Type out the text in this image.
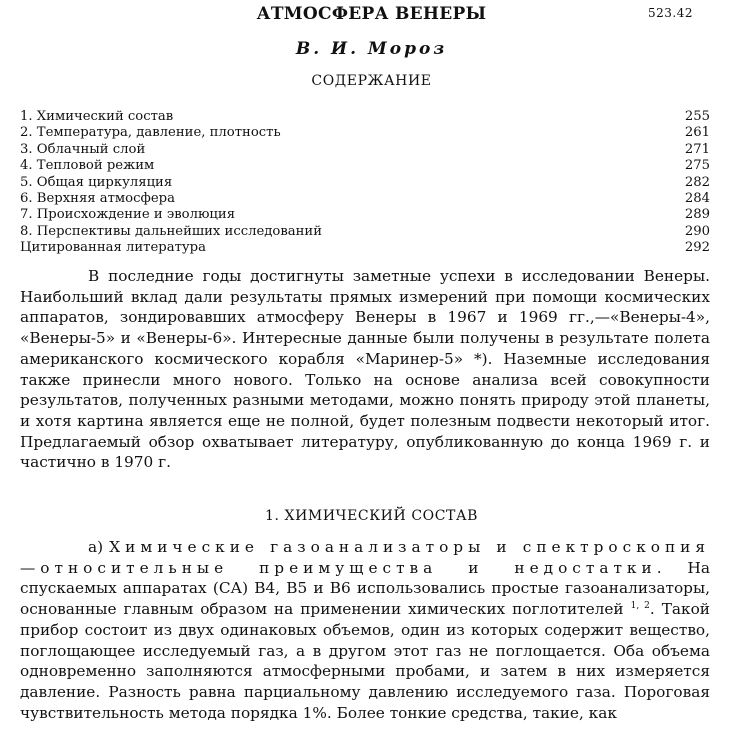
523.42
АТМОСФЕРА ВЕНЕРЫ
В. И. Мороз
СОДЕРЖАНИЕ
1. Химический состав	255
2. Температура, давление, плотность	261
3. Облачный слой	271
4. Тепловой режим	275
5. Общая циркуляция	282
6. Верхняя атмосфера	284
7. Происхождение и эволюция	289
8. Перспективы дальнейших исследований	290
Цитированная литература	292

В последние годы достигнуты заметные успехи в исследовании Венеры. Наибольший вклад дали результаты прямых измерений при помощи космических аппаратов, зондировавших атмосферу Венеры в 1967 и 1969 гг.,—«Венеры-4», «Венеры-5» и «Венеры-6». Интересные данные были получены в результате полета американского космического корабля «Маринер-5» *). Наземные исследования также принесли много нового. Только на основе анализа всей совокупности результатов, полученных разными методами, можно понять природу этой планеты, и хотя картина является еще не полной, будет полезным подвести некоторый итог. Предлагаемый обзор охватывает литературу, опубликованную до конца 1969 г. и частично в 1970 г.

1. ХИМИЧЕСКИЙ СОСТАВ

а) Химические газоанализаторы и спектроскопия—относительные преимущества и недостатки. На спускаемых аппаратах (СА) В4, В5 и В6 использовались простые газоанализаторы, основанные главным образом на применении химических поглотителей $^{1, 2}$. Такой прибор состоит из двух одинаковых объемов, один из которых содержит вещество, поглощающее исследуемый газ, а в другом этот газ не поглощается. Оба объема одновременно заполняются атмосферными пробами, и затем в них измеряется давление. Разность равна парциальному давлению исследуемого газа. Пороговая чувствительность метода порядка 1%. Более тонкие средства, такие, как
